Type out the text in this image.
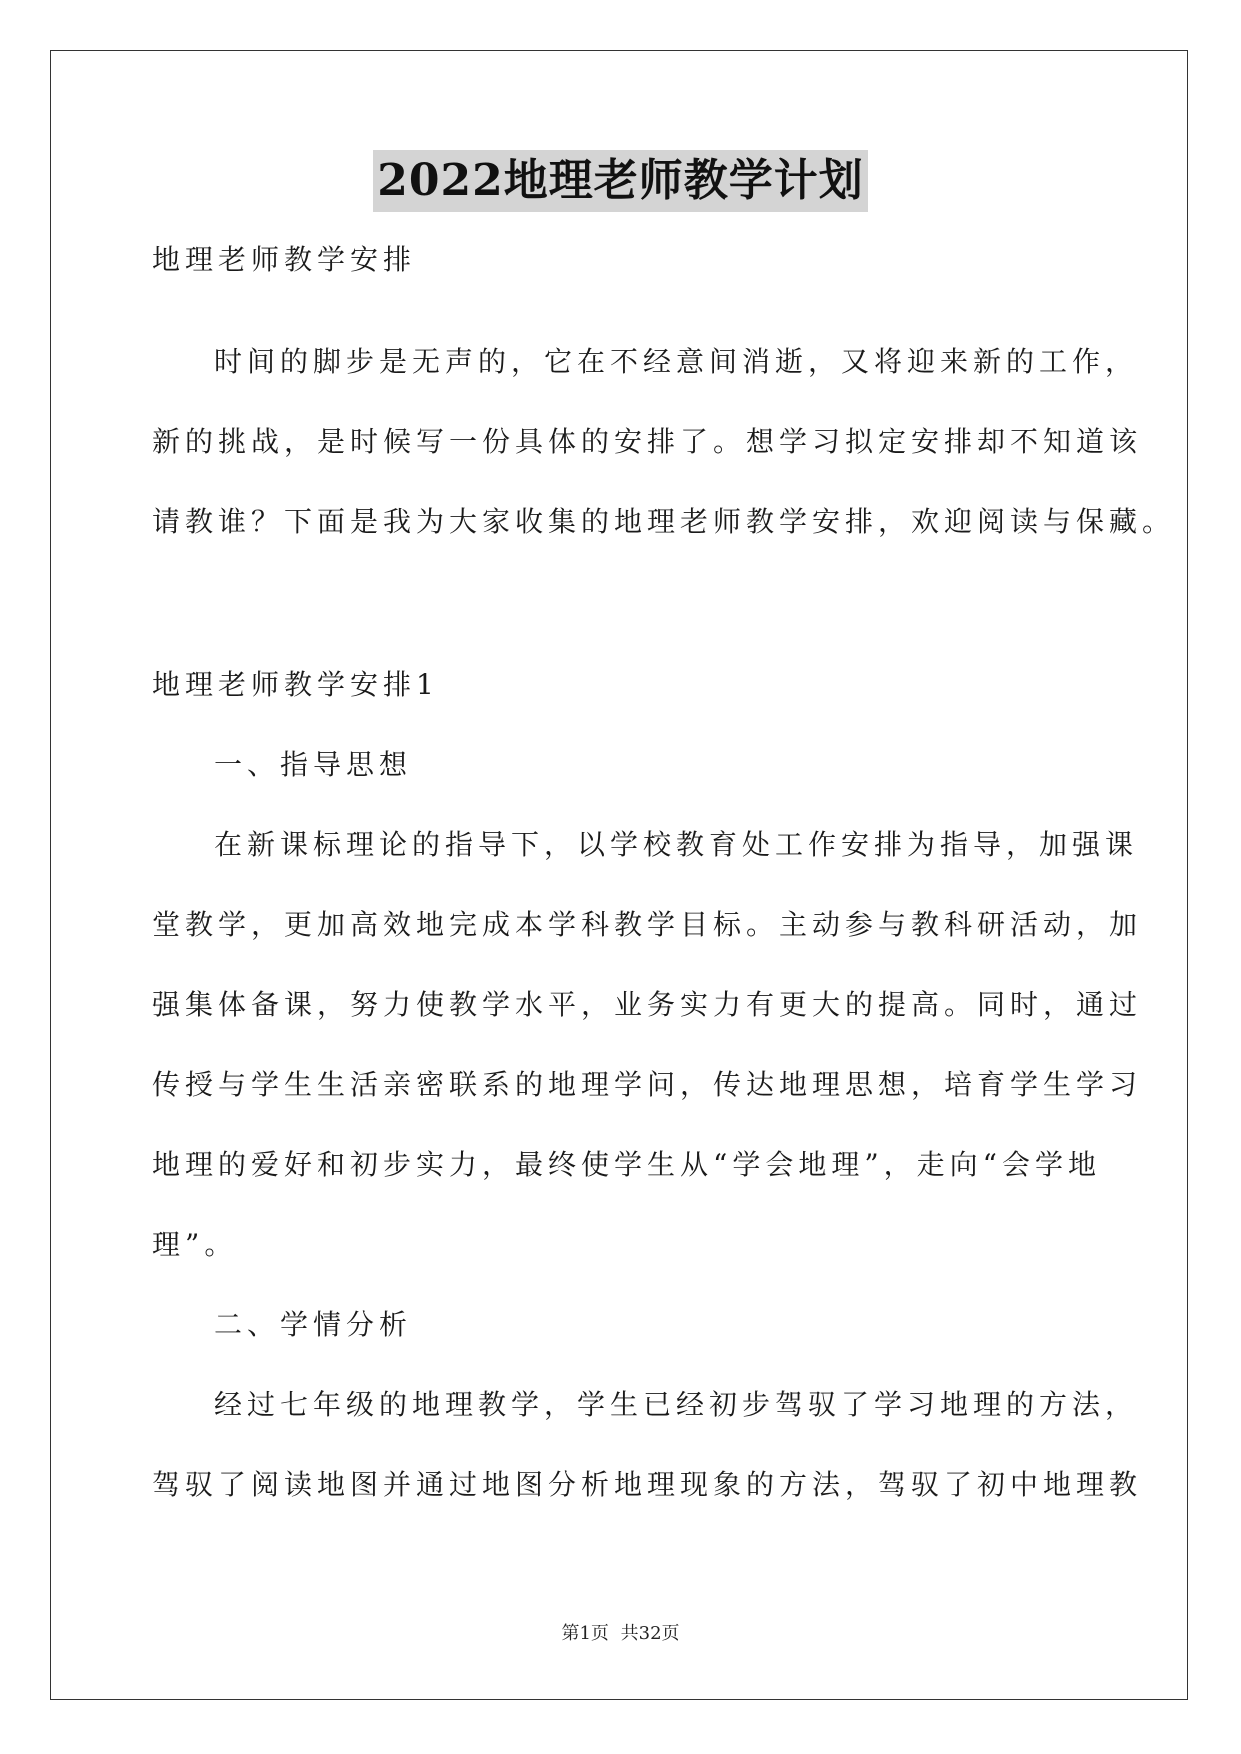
2022地理老师教学计划
地理老师教学安排
时间的脚步是无声的，它在不经意间消逝，又将迎来新的工作，
新的挑战，是时候写一份具体的安排了。想学习拟定安排却不知道该
请教谁？下面是我为大家收集的地理老师教学安排，欢迎阅读与保藏。
地理老师教学安排1
一、指导思想
在新课标理论的指导下，以学校教育处工作安排为指导，加强课
堂教学，更加高效地完成本学科教学目标。主动参与教科研活动，加
强集体备课，努力使教学水平，业务实力有更大的提高。同时，通过
传授与学生生活亲密联系的地理学问，传达地理思想，培育学生学习
地理的爱好和初步实力，最终使学生从“学会地理”，走向“会学地
理”。
二、学情分析
经过七年级的地理教学，学生已经初步驾驭了学习地理的方法，
驾驭了阅读地图并通过地图分析地理现象的方法，驾驭了初中地理教
第1页 共32页
